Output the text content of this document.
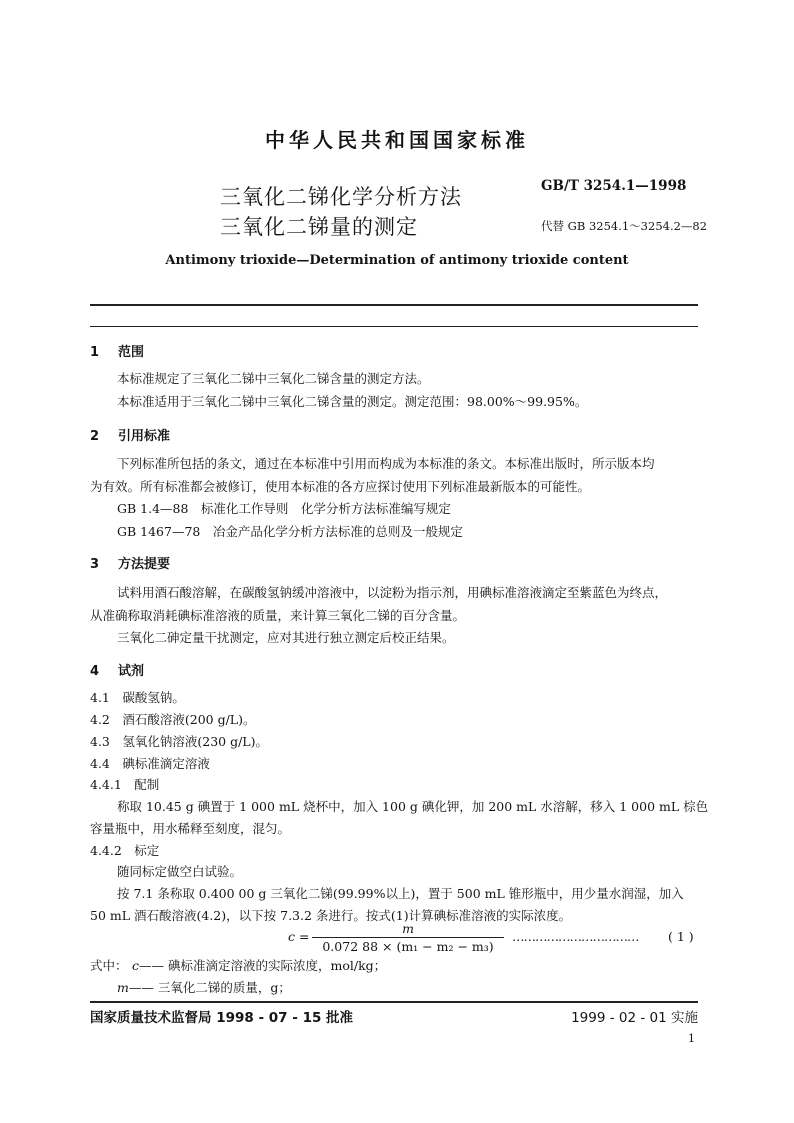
中华人民共和国国家标准
三氧化二锑化学分析方法
三氧化二锑量的测定
GB/T 3254.1—1998
代替 GB 3254.1～3254.2—82
Antimony trioxide—Determination of antimony trioxide content
1 范围
本标准规定了三氧化二锑中三氧化二锑含量的测定方法。
本标准适用于三氧化二锑中三氧化二锑含量的测定。测定范围：98.00%～99.95%。
2 引用标准
下列标准所包括的条文，通过在本标准中引用而构成为本标准的条文。本标准出版时，所示版本均
为有效。所有标准都会被修订，使用本标准的各方应探讨使用下列标准最新版本的可能性。
GB 1.4—88　标准化工作导则　化学分析方法标准编写规定
GB 1467—78　冶金产品化学分析方法标准的总则及一般规定
3 方法提要
试料用酒石酸溶解，在碳酸氢钠缓冲溶液中，以淀粉为指示剂，用碘标准溶液滴定至紫蓝色为终点，
从准确称取消耗碘标准溶液的质量，来计算三氧化二锑的百分含量。
三氧化二砷定量干扰测定，应对其进行独立测定后校正结果。
4 试剂
4.1　碳酸氢钠。
4.2　酒石酸溶液(200 g/L)。
4.3　氢氧化钠溶液(230 g/L)。
4.4　碘标准滴定溶液
4.4.1　配制
称取 10.45 g 碘置于 1 000 mL 烧杯中，加入 100 g 碘化钾，加 200 mL 水溶解，移入 1 000 mL 棕色
容量瓶中，用水稀释至刻度，混匀。
4.4.2　标定
随同标定做空白试验。
按 7.1 条称取 0.400 00 g 三氧化二锑(99.99%以上)，置于 500 mL 锥形瓶中，用少量水润湿，加入
50 mL 酒石酸溶液(4.2)，以下按 7.3.2 条进行。按式(1)计算碘标准溶液的实际浓度。
c =
m
0.072 88 × (m₁ − m₂ − m₃)
…………………………… ( 1 )
式中： c—— 碘标准滴定溶液的实际浓度，mol/kg；
m—— 三氧化二锑的质量，g；
国家质量技术监督局 1998 - 07 - 15 批准	1999 - 02 - 01 实施
1
